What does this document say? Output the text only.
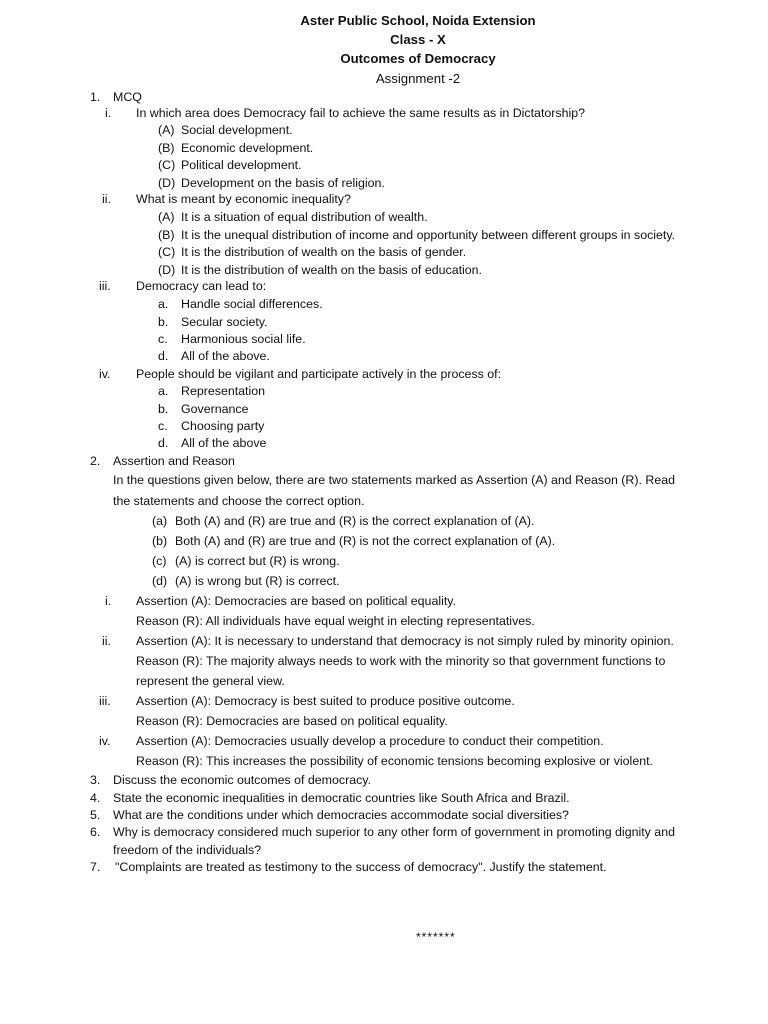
Aster Public School, Noida Extension
Class - X
Outcomes of Democracy
Assignment -2
1. MCQ
i. In which area does Democracy fail to achieve the same results as in Dictatorship?
(A) Social development.
(B) Economic development.
(C) Political development.
(D) Development on the basis of religion.
ii. What is meant by economic inequality?
(A) It is a situation of equal distribution of wealth.
(B) It is the unequal distribution of income and opportunity between different groups in society.
(C) It is the distribution of wealth on the basis of gender.
(D) It is the distribution of wealth on the basis of education.
iii. Democracy can lead to:
a. Handle social differences.
b. Secular society.
c. Harmonious social life.
d. All of the above.
iv. People should be vigilant and participate actively in the process of:
a. Representation
b. Governance
c. Choosing party
d. All of the above
2. Assertion and Reason
In the questions given below, there are two statements marked as Assertion (A) and Reason (R). Read
the statements and choose the correct option.
(a) Both (A) and (R) are true and (R) is the correct explanation of (A).
(b) Both (A) and (R) are true and (R) is not the correct explanation of (A).
(c) (A) is correct but (R) is wrong.
(d) (A) is wrong but (R) is correct.
i. Assertion (A): Democracies are based on political equality.
Reason (R): All individuals have equal weight in electing representatives.
ii. Assertion (A): It is necessary to understand that democracy is not simply ruled by minority opinion.
Reason (R): The majority always needs to work with the minority so that government functions to
represent the general view.
iii. Assertion (A): Democracy is best suited to produce positive outcome.
Reason (R): Democracies are based on political equality.
iv. Assertion (A): Democracies usually develop a procedure to conduct their competition.
Reason (R): This increases the possibility of economic tensions becoming explosive or violent.
3. Discuss the economic outcomes of democracy.
4. State the economic inequalities in democratic countries like South Africa and Brazil.
5. What are the conditions under which democracies accommodate social diversities?
6. Why is democracy considered much superior to any other form of government in promoting dignity and
freedom of the individuals?
7. "Complaints are treated as testimony to the success of democracy". Justify the statement.
*******
